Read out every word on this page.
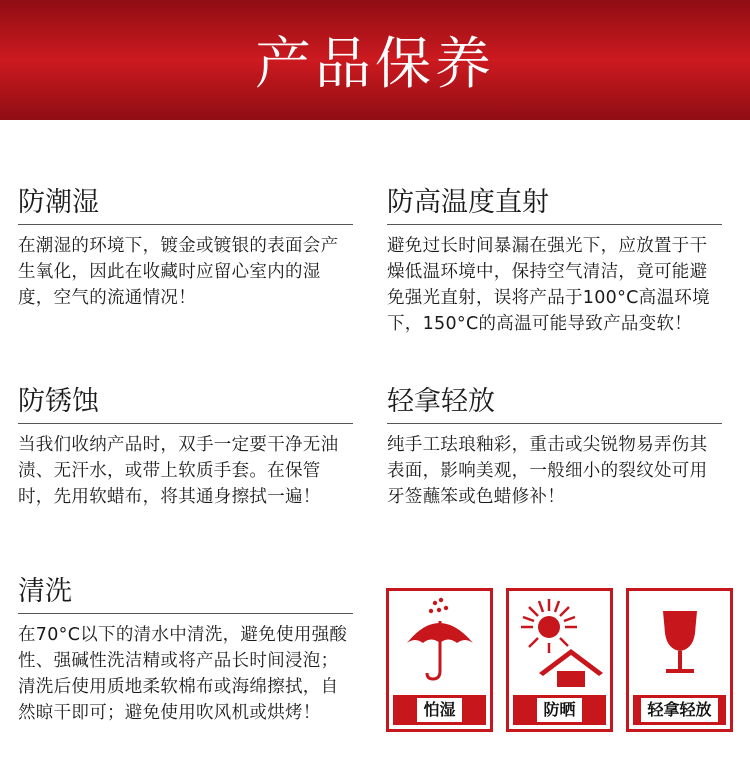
产品保养
防潮湿
在潮湿的环境下，镀金或镀银的表面会产生氧化，因此在收藏时应留心室内的湿度，空气的流通情况！
防高温度直射
避免过长时间暴漏在强光下，应放置于干燥低温环境中，保持空气清洁，竟可能避免强光直射，误将产品于100°C高温环境下，150°C的高温可能导致产品变软！
防锈蚀
当我们收纳产品时，双手一定要干净无油渍、无汗水，或带上软质手套。在保管时，先用软蜡布，将其通身擦拭一遍！
轻拿轻放
纯手工珐琅釉彩，重击或尖锐物易弄伤其表面，影响美观，一般细小的裂纹处可用牙签蘸笨或色蜡修补！
清洗
在70°C以下的清水中清洗，避免使用强酸性、强碱性洗洁精或将产品长时间浸泡；清洗后使用质地柔软棉布或海绵擦拭，自然晾干即可；避免使用吹风机或烘烤！	怕湿	防晒	轻拿轻放
